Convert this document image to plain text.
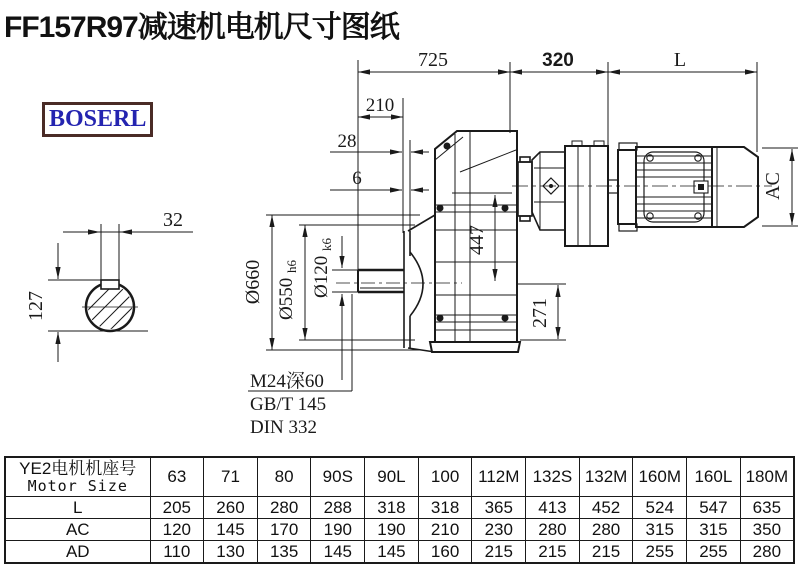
FF157R97减速机电机尺寸图纸
BOSERL
32
127
725	320	L
210
28
6
Ø660 Ø550 $_{h6}$ Ø120 $_{k6}$	447
271
M24深60
GB/T 145
DIN 332
AC
YE2电机机座号
Motor Size	63	71	80	90S	90L	100	112M	132S	132M	160M	160L	180M
L	205	260	280	288	318	318	365	413	452	524	547	635
AC	120	145	170	190	190	210	230	280	280	315	315	350
AD	110	130	135	145	145	160	215	215	215	255	255	280
